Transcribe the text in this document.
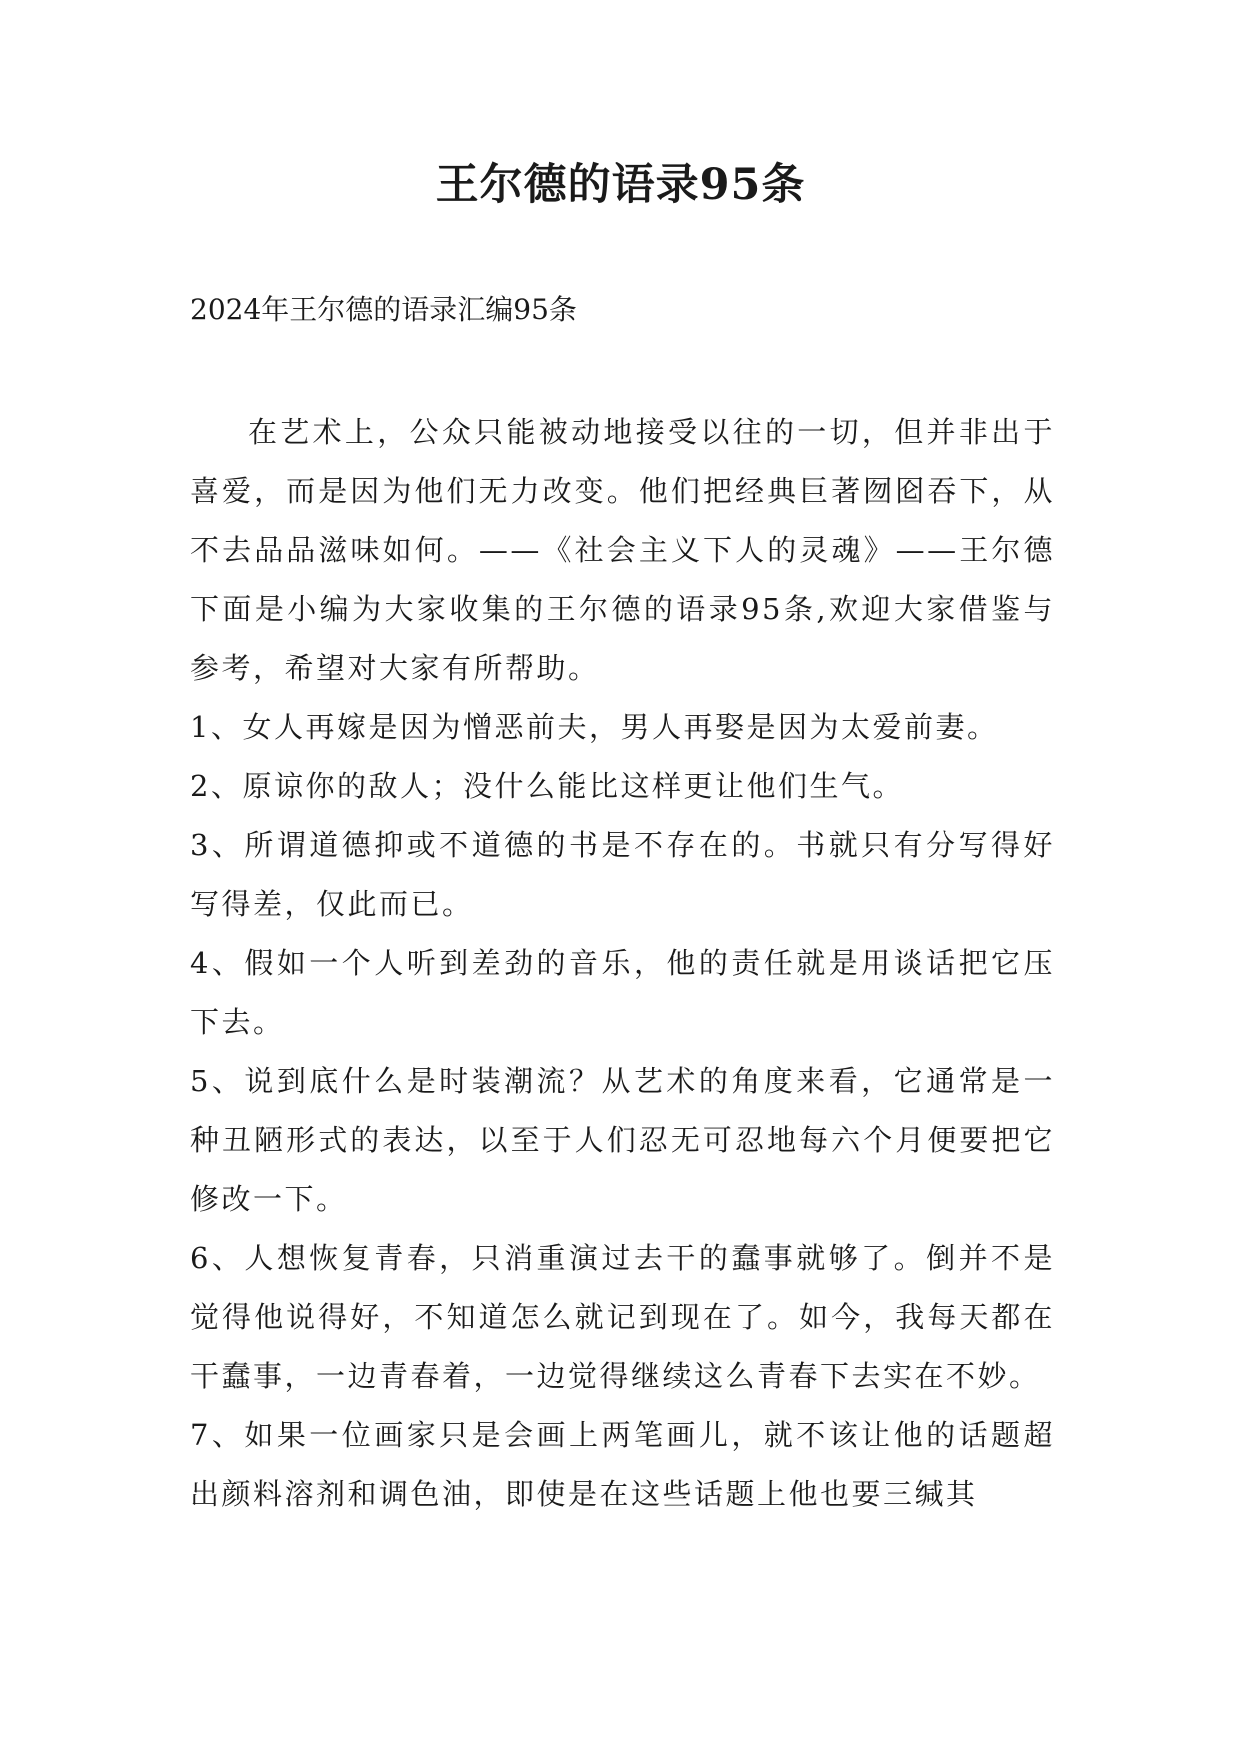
王尔德的语录95条
2024年王尔德的语录汇编95条

在艺术上，公众只能被动地接受以往的一切，但并非出于喜爱，而是因为他们无力改变。他们把经典巨著囫囵吞下，从不去品品滋味如何。——《社会主义下人的灵魂》——王尔德下面是小编为大家收集的王尔德的语录95条,欢迎大家借鉴与参考，希望对大家有所帮助。

1、女人再嫁是因为憎恶前夫，男人再娶是因为太爱前妻。

2、原谅你的敌人；没什么能比这样更让他们生气。

3、所谓道德抑或不道德的书是不存在的。书就只有分写得好写得差，仅此而已。

4、假如一个人听到差劲的音乐，他的责任就是用谈话把它压下去。

5、说到底什么是时装潮流？从艺术的角度来看，它通常是一种丑陋形式的表达，以至于人们忍无可忍地每六个月便要把它修改一下。

6、人想恢复青春，只消重演过去干的蠢事就够了。倒并不是觉得他说得好，不知道怎么就记到现在了。如今，我每天都在干蠢事，一边青春着，一边觉得继续这么青春下去实在不妙。

7、如果一位画家只是会画上两笔画儿，就不该让他的话题超出颜料溶剂和调色油，即使是在这些话题上他也要三缄其
